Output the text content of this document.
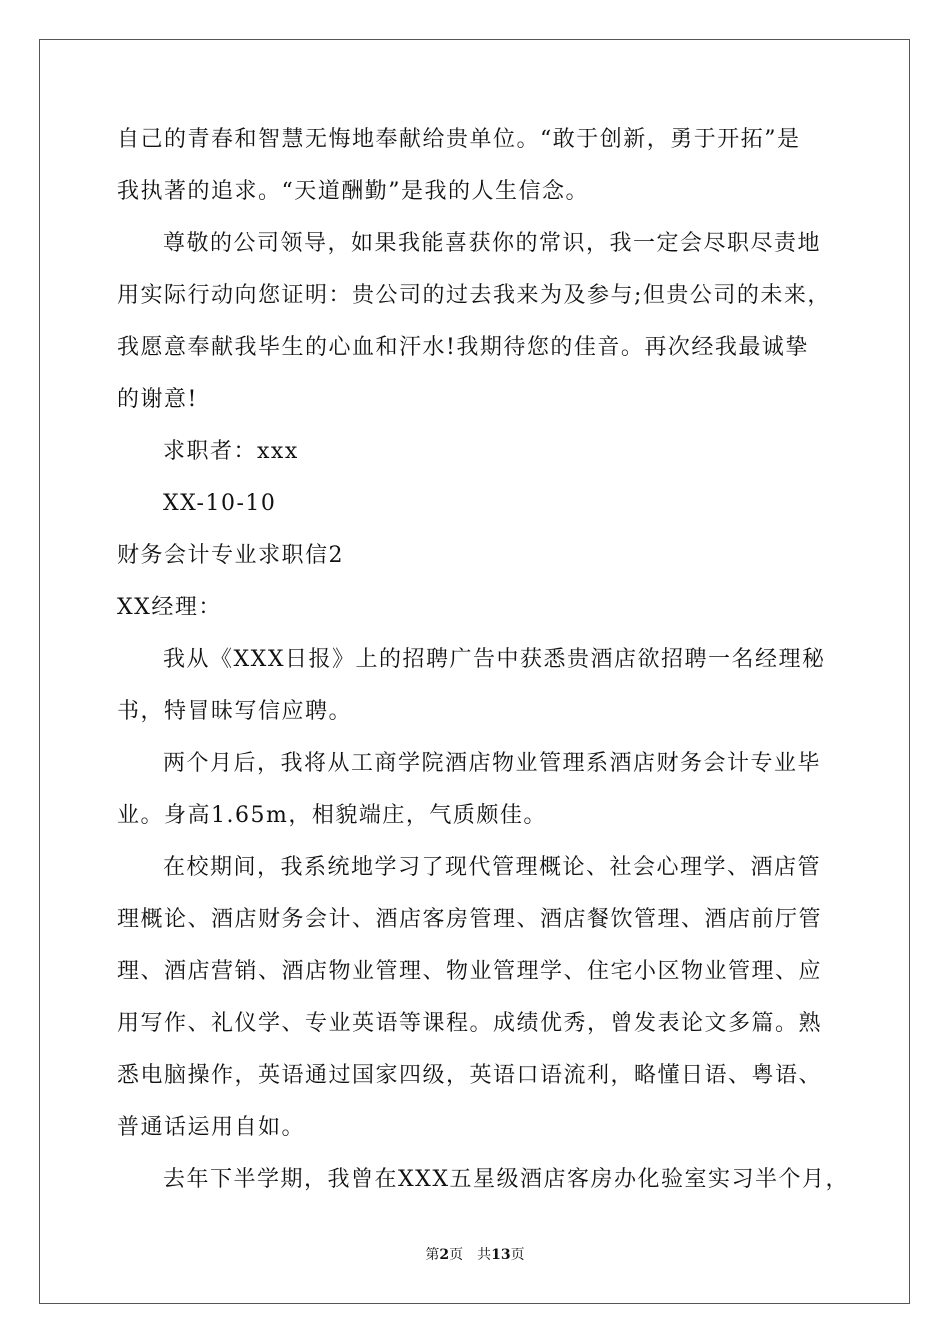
自己的青春和智慧无悔地奉献给贵单位。“敢于创新，勇于开拓”是
我执著的追求。“天道酬勤”是我的人生信念。
尊敬的公司领导，如果我能喜获你的常识，我一定会尽职尽责地
用实际行动向您证明：贵公司的过去我来为及参与;但贵公司的未来，
我愿意奉献我毕生的心血和汗水!我期待您的佳音。再次经我最诚挚
的谢意!
求职者：xxx
XX-10-10
财务会计专业求职信2
XX经理：
我从《XXX日报》上的招聘广告中获悉贵酒店欲招聘一名经理秘
书，特冒昧写信应聘。
两个月后，我将从工商学院酒店物业管理系酒店财务会计专业毕
业。身高1.65m，相貌端庄，气质颇佳。
在校期间，我系统地学习了现代管理概论、社会心理学、酒店管
理概论、酒店财务会计、酒店客房管理、酒店餐饮管理、酒店前厅管
理、酒店营销、酒店物业管理、物业管理学、住宅小区物业管理、应
用写作、礼仪学、专业英语等课程。成绩优秀，曾发表论文多篇。熟
悉电脑操作，英语通过国家四级，英语口语流利，略懂日语、粤语、
普通话运用自如。
去年下半学期，我曾在XXX五星级酒店客房办化验室实习半个月，
第2页　共13页
